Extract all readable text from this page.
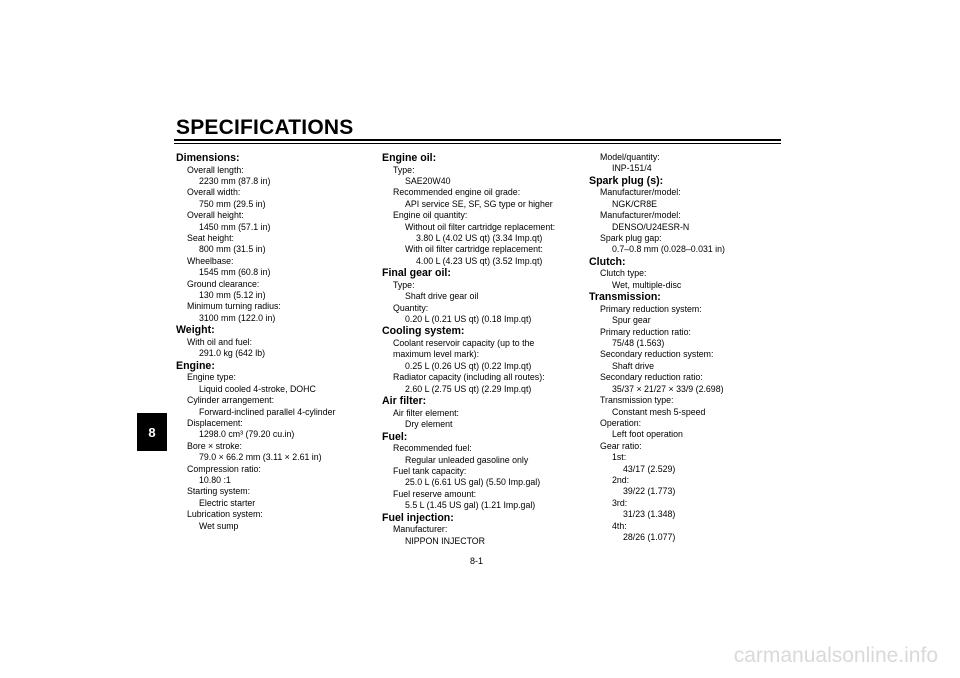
SPECIFICATIONS
8
Dimensions:
Overall length:
2230 mm (87.8 in)
Overall width:
750 mm (29.5 in)
Overall height:
1450 mm (57.1 in)
Seat height:
800 mm (31.5 in)
Wheelbase:
1545 mm (60.8 in)
Ground clearance:
130 mm (5.12 in)
Minimum turning radius:
3100 mm (122.0 in)
Weight:
With oil and fuel:
291.0 kg (642 lb)
Engine:
Engine type:
Liquid cooled 4-stroke, DOHC
Cylinder arrangement:
Forward-inclined parallel 4-cylinder
Displacement:
1298.0 cm³ (79.20 cu.in)
Bore × stroke:
79.0 × 66.2 mm (3.11 × 2.61 in)
Compression ratio:
10.80 :1
Starting system:
Electric starter
Lubrication system:
Wet sump
Engine oil:
Type:
SAE20W40
Recommended engine oil grade:
API service SE, SF, SG type or higher
Engine oil quantity:
Without oil filter cartridge replacement:
3.80 L (4.02 US qt) (3.34 Imp.qt)
With oil filter cartridge replacement:
4.00 L (4.23 US qt) (3.52 Imp.qt)
Final gear oil:
Type:
Shaft drive gear oil
Quantity:
0.20 L (0.21 US qt) (0.18 Imp.qt)
Cooling system:
Coolant reservoir capacity (up to the
maximum level mark):
0.25 L (0.26 US qt) (0.22 Imp.qt)
Radiator capacity (including all routes):
2.60 L (2.75 US qt) (2.29 Imp.qt)
Air filter:
Air filter element:
Dry element
Fuel:
Recommended fuel:
Regular unleaded gasoline only
Fuel tank capacity:
25.0 L (6.61 US gal) (5.50 Imp.gal)
Fuel reserve amount:
5.5 L (1.45 US gal) (1.21 Imp.gal)
Fuel injection:
Manufacturer:
NIPPON INJECTOR
Model/quantity:
INP-151/4
Spark plug (s):
Manufacturer/model:
NGK/CR8E
Manufacturer/model:
DENSO/U24ESR-N
Spark plug gap:
0.7–0.8 mm (0.028–0.031 in)
Clutch:
Clutch type:
Wet, multiple-disc
Transmission:
Primary reduction system:
Spur gear
Primary reduction ratio:
75/48 (1.563)
Secondary reduction system:
Shaft drive
Secondary reduction ratio:
35/37 × 21/27 × 33/9 (2.698)
Transmission type:
Constant mesh 5-speed
Operation:
Left foot operation
Gear ratio:
1st:
43/17 (2.529)
2nd:
39/22 (1.773)
3rd:
31/23 (1.348)
4th:
28/26 (1.077)
8-1
carmanualsonline.info
